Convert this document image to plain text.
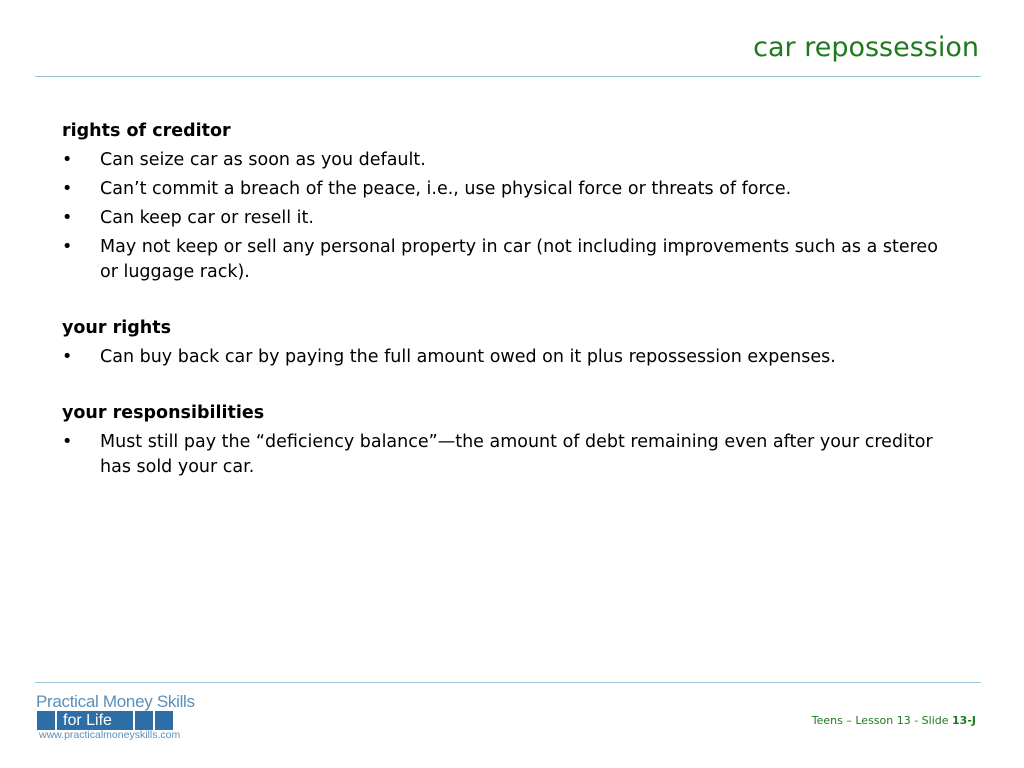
car repossession
rights of creditor
• Can seize car as soon as you default.
• Can’t commit a breach of the peace, i.e., use physical force or threats of force.
• Can keep car or resell it.
• May not keep or sell any personal property in car (not including improvements such as a stereo or luggage rack).
your rights
• Can buy back car by paying the full amount owed on it plus repossession expenses.
your responsibilities
• Must still pay the “deficiency balance”—the amount of debt remaining even after your creditor has sold your car.
Practical Money Skills
for Life
www.practicalmoneyskills.com
Teens – Lesson 13 - Slide 13-J
